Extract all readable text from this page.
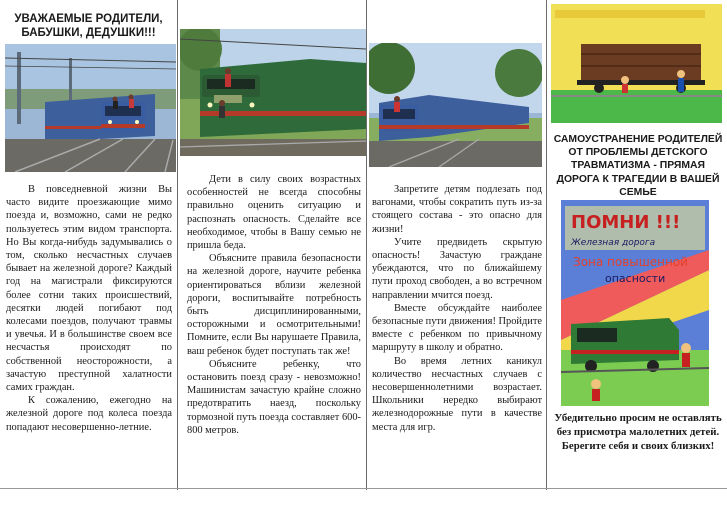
УВАЖАЕМЫЕ РОДИТЕЛИ, БАБУШКИ, ДЕДУШКИ!!!

В повседневной жизни Вы часто видите проезжающие мимо поезда и, возможно, сами не редко пользуетесь этим видом транспорта. Но Вы когда-нибудь задумывались о том, сколько несчастных случаев бывает на железной дороге? Каждый год на магистрали фиксируются более сотни таких происшествий, десятки людей погибают под колесами поездов, получают травмы и увечья. И в большинстве своем все несчастья происходят по собственной неосторожности, а зачастую преступной халатности самих граждан.

К сожалению, ежегодно на железной дороге под колеса поезда попадают несовершенно-летние.

Дети в силу своих возрастных особенностей не всегда способны правильно оценить ситуацию и распознать опасность. Сделайте все необходимое, чтобы в Вашу семью не пришла беда.

Объясните правила безопасности на железной дороге, научите ребенка ориентироваться вблизи железной дороги, воспитывайте потребность быть дисциплинированными, осторожными и осмотрительными! Помните, если Вы нарушаете Правила, ваш ребенок будет поступать так же!

Объясните ребенку, что остановить поезд сразу - невозможно! Машинистам зачастую крайне сложно предотвратить наезд, поскольку тормозной путь поезда составляет 600-800 метров.

Запретите детям подлезать под вагонами, чтобы сократить путь из-за стоящего состава - это опасно для жизни!

Учите предвидеть скрытую опасность! Зачастую граждане убеждаются, что по ближайшему пути проход свободен, а во встречном направлении мчится поезд.

Вместе обсуждайте наиболее безопасные пути движения! Пройдите вместе с ребенком по привычному маршруту в школу и обратно.

Во время летних каникул количество несчастных случаев с несовершеннолетними возрастает. Школьники нередко выбирают железнодорожные пути в качестве места для игр.

САМОУСТРАНЕНИЕ РОДИТЕЛЕЙ ОТ ПРОБЛЕМЫ ДЕТСКОГО ТРАВМАТИЗМА - ПРЯМАЯ ДОРОГА К ТРАГЕДИИ В ВАШЕЙ СЕМЬЕ
ПОМНИ !!!
Железная дорога
Зона повышенной
опасности

Убедительно просим не оставлять без присмотра малолетних детей. Берегите себя и своих близких!
